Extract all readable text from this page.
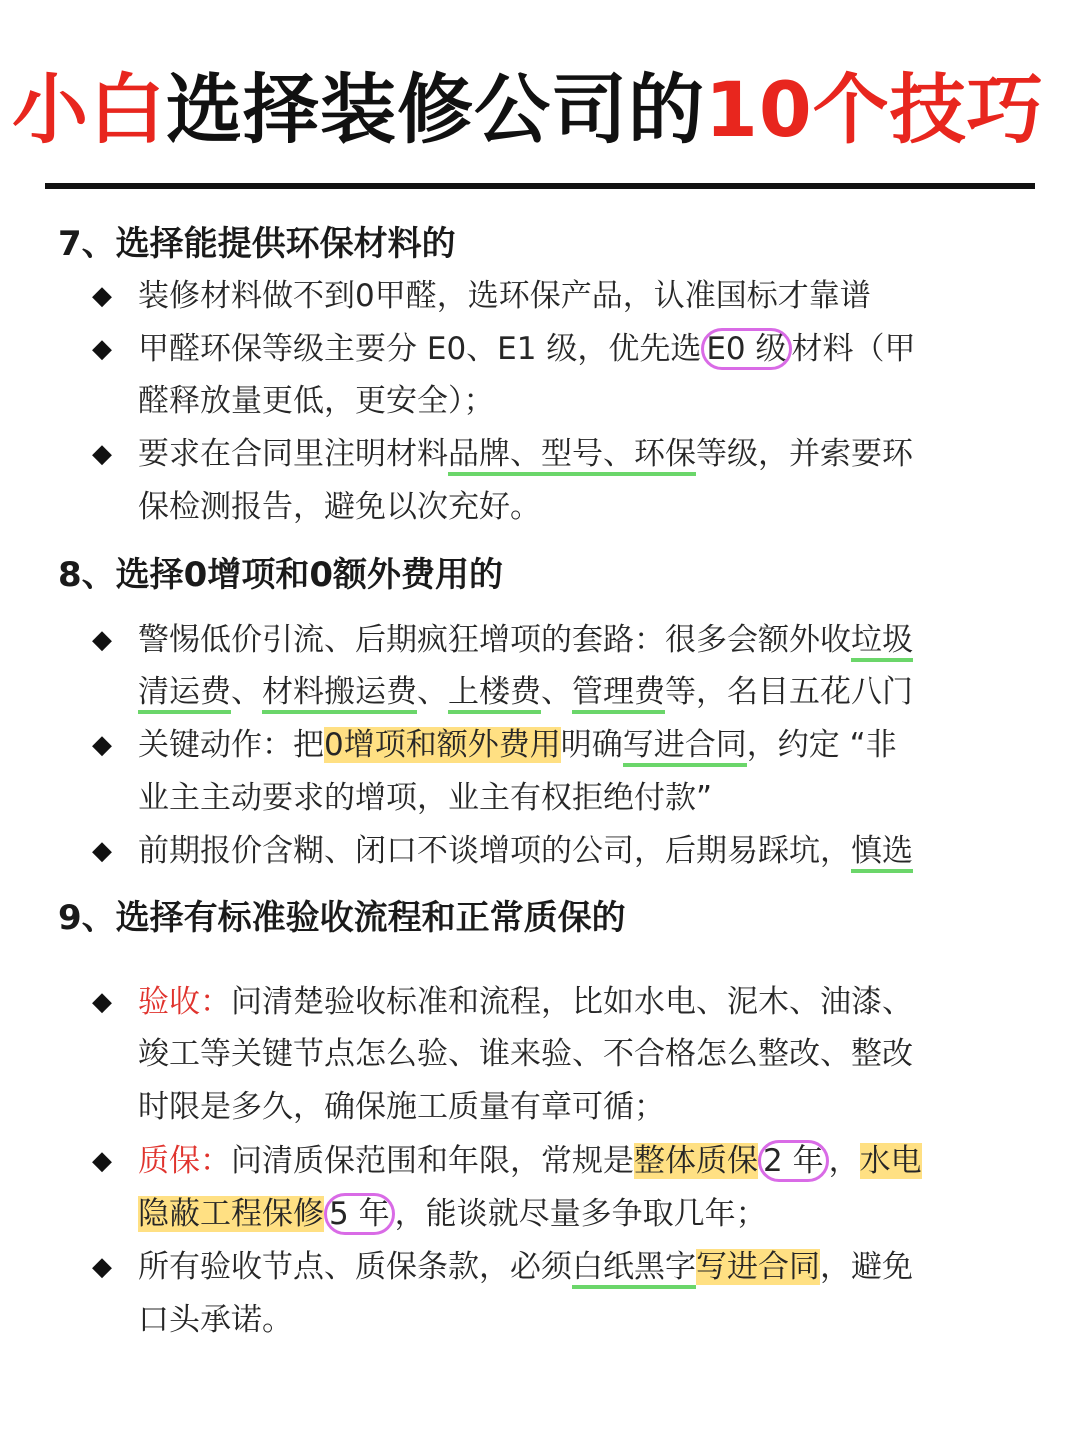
小白选择装修公司的10个技巧
7、选择能提供环保材料的
◆ 装修材料做不到0甲醛，选环保产品，认准国标才靠谱
◆ 甲醛环保等级主要分 E0、E1 级，优先选 E0 级 材料（甲
醛释放量更低，更安全）；
◆ 要求在合同里注明材料品牌、型号、环保等级，并索要环
保检测报告，避免以次充好。
8、选择0增项和0额外费用的
◆ 警惕低价引流、后期疯狂增项的套路：很多会额外收垃圾
清运费、材料搬运费、上楼费、管理费等，名目五花八门
◆ 关键动作：把0增项和额外费用明确写进合同，约定 “非
业主主动要求的增项，业主有权拒绝付款”
◆ 前期报价含糊、闭口不谈增项的公司，后期易踩坑，慎选
9、选择有标准验收流程和正常质保的
◆ 验收：问清楚验收标准和流程，比如水电、泥木、油漆、
竣工等关键节点怎么验、谁来验、不合格怎么整改、整改
时限是多久，确保施工质量有章可循；
◆ 质保：问清质保范围和年限，常规是整体质保 2 年 ，水电
隐蔽工程保修 5 年 ，能谈就尽量多争取几年；
◆ 所有验收节点、质保条款，必须白纸黑字写进合同，避免
口头承诺。
